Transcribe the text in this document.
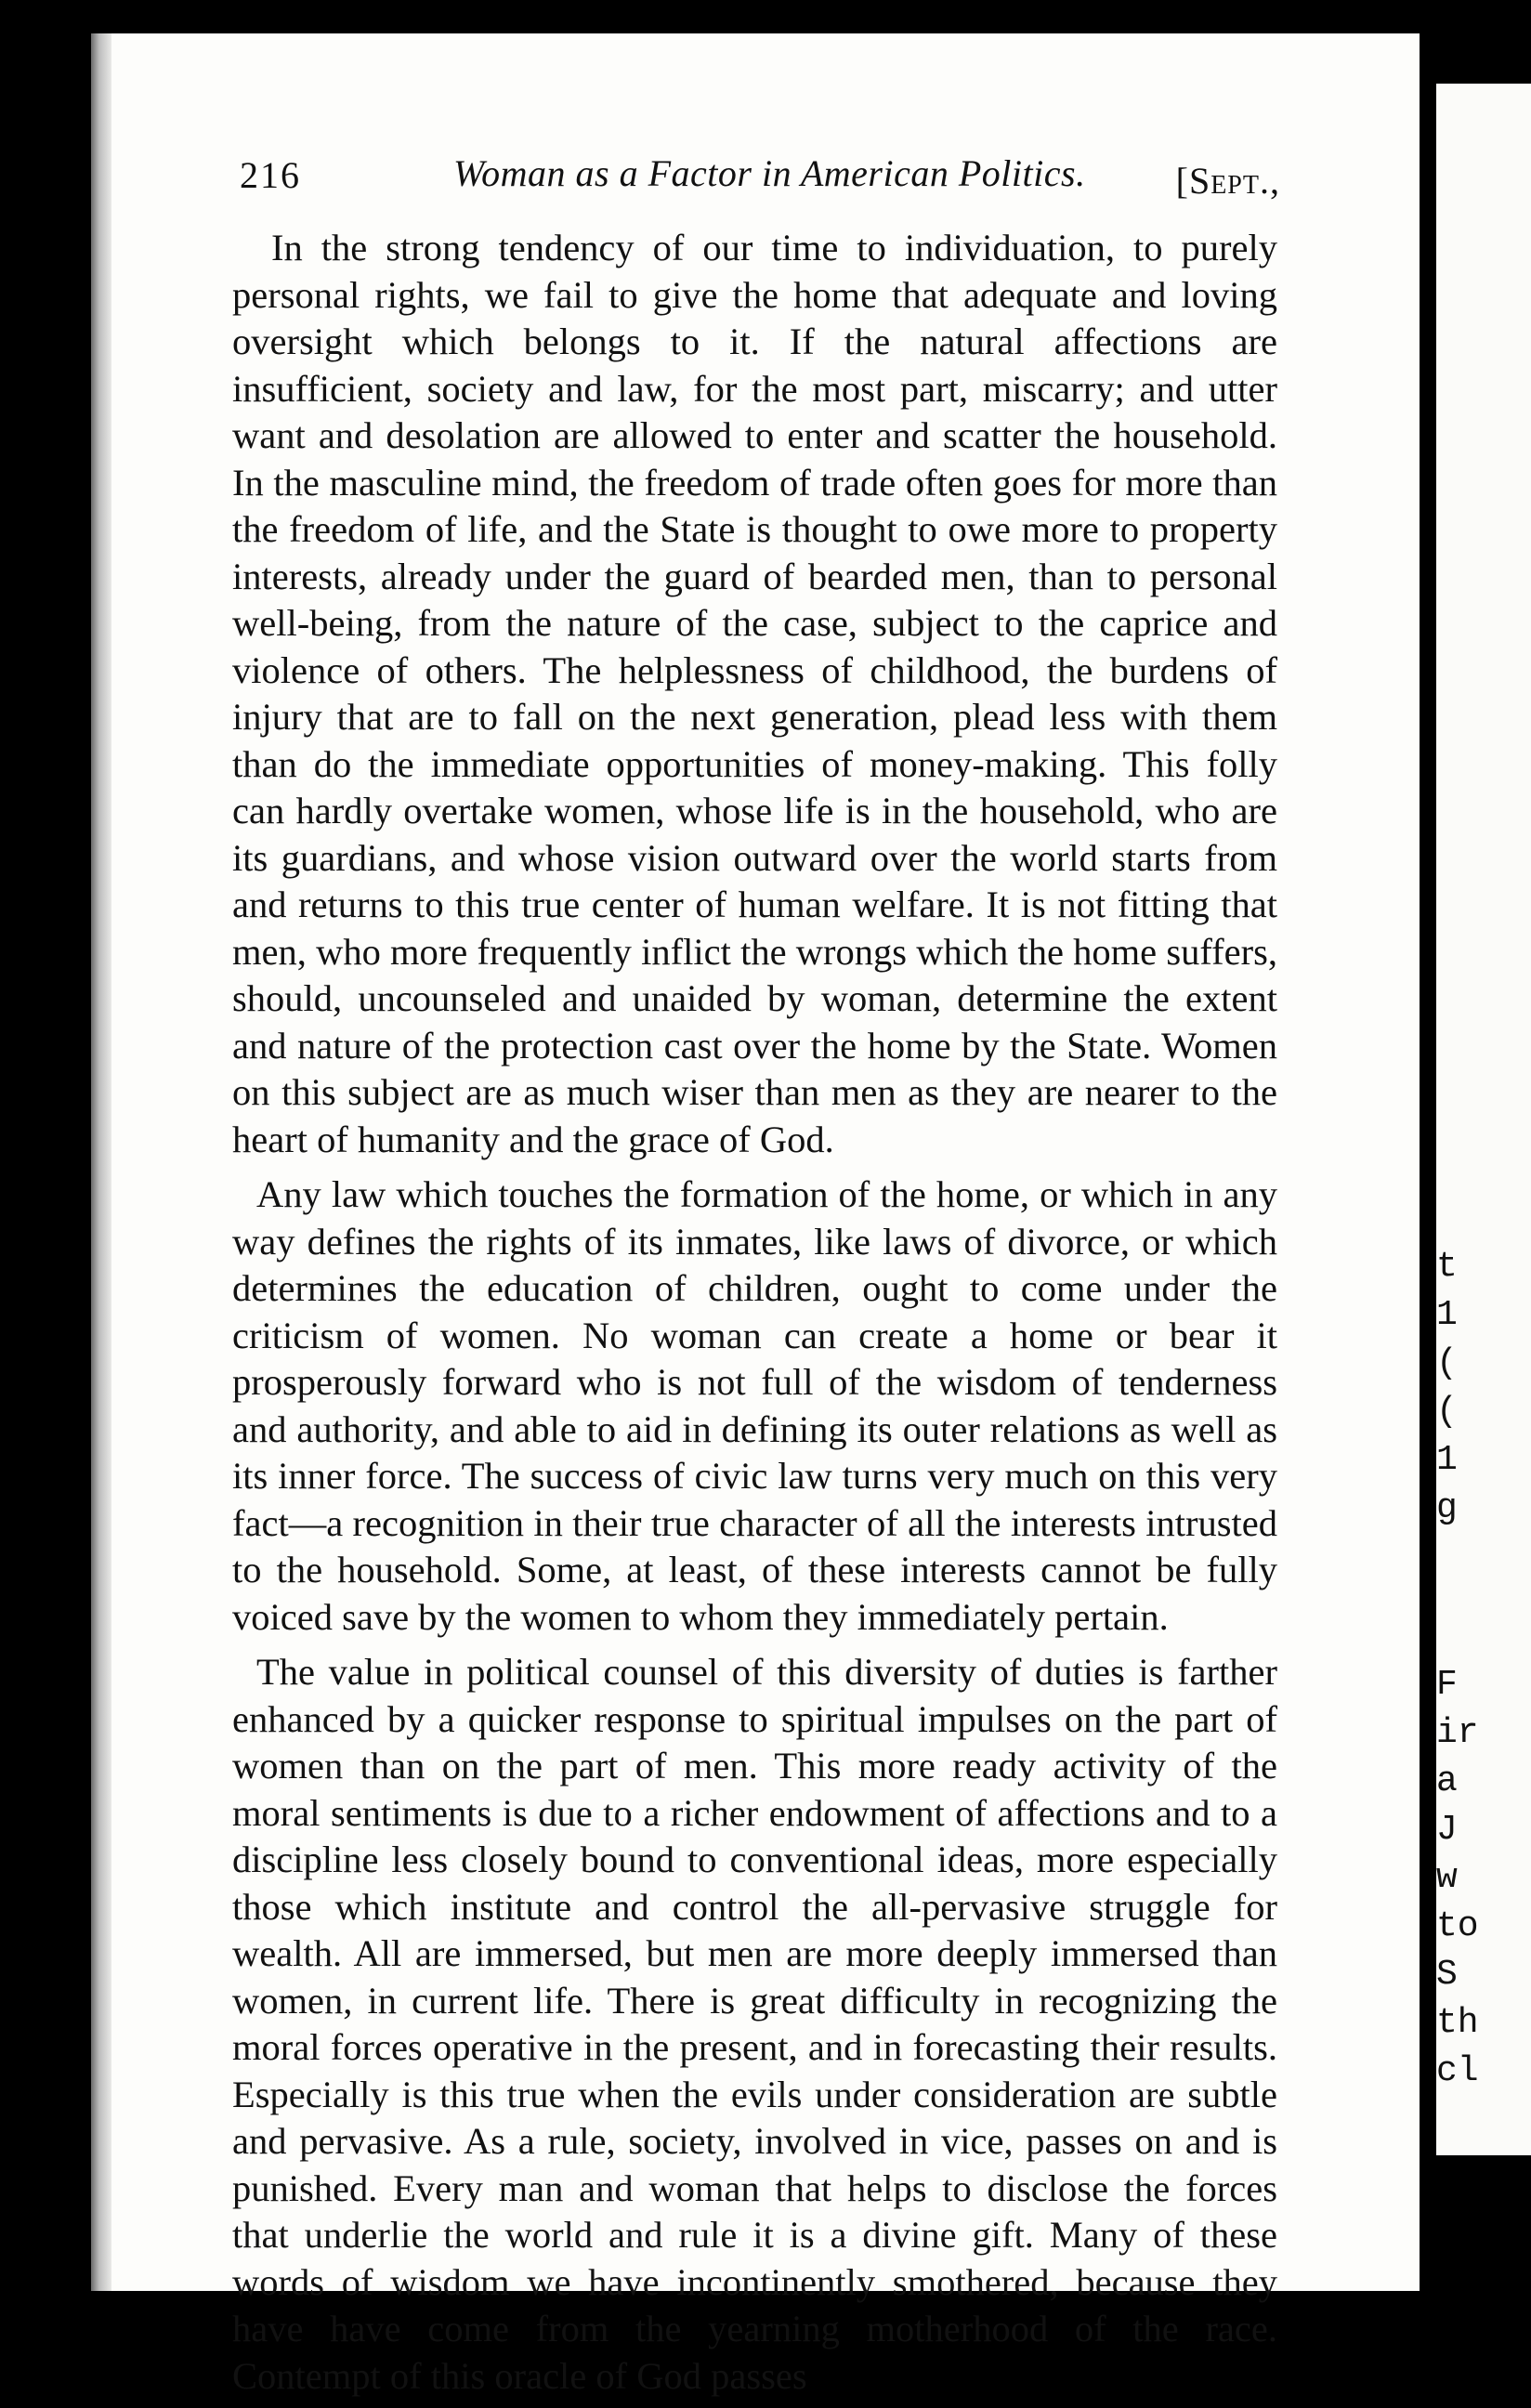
t
1
(
(
1
g
F
ir
a
J
w
to
S
th
cl
216	Woman as a Factor in American Politics. [Sept.,

In the strong tendency of our time to individuation, to purely personal rights, we fail to give the home that adequate and loving oversight which belongs to it. If the natural affections are insufficient, society and law, for the most part, miscarry; and utter want and desolation are allowed to enter and scatter the household. In the masculine mind, the freedom of trade often goes for more than the freedom of life, and the State is thought to owe more to property interests, already under the guard of bearded men, than to personal well-being, from the nature of the case, subject to the caprice and violence of others. The helplessness of childhood, the burdens of injury that are to fall on the next generation, plead less with them than do the immediate opportunities of money-making. This folly can hardly overtake women, whose life is in the household, who are its guardians, and whose vision outward over the world starts from and returns to this true center of human welfare. It is not fitting that men, who more frequently inflict the wrongs which the home suffers, should, uncounseled and unaided by woman, determine the extent and nature of the protection cast over the home by the State. Women on this subject are as much wiser than men as they are nearer to the heart of humanity and the grace of God.

Any law which touches the formation of the home, or which in any way defines the rights of its inmates, like laws of divorce, or which determines the education of children, ought to come under the criticism of women. No woman can create a home or bear it prosperously forward who is not full of the wisdom of tenderness and authority, and able to aid in defining its outer relations as well as its inner force. The success of civic law turns very much on this very fact—a recognition in their true character of all the interests intrusted to the household. Some, at least, of these interests cannot be fully voiced save by the women to whom they immediately pertain.

The value in political counsel of this diversity of duties is farther enhanced by a quicker response to spiritual impulses on the part of women than on the part of men. This more ready activity of the moral sentiments is due to a richer endowment of affections and to a discipline less closely bound to conventional ideas, more especially those which institute and control the all-pervasive struggle for wealth. All are immersed, but men are more deeply immersed than women, in current life. There is great difficulty in recognizing the moral forces operative in the present, and in forecasting their results. Especially is this true when the evils under consideration are subtle and pervasive. As a rule, society, involved in vice, passes on and is punished. Every man and woman that helps to disclose the forces that underlie the world and rule it is a divine gift. Many of these words of wisdom we have incontinently smothered, because they have have come from the yearning motherhood of the race. Contempt of this oracle of God passes
